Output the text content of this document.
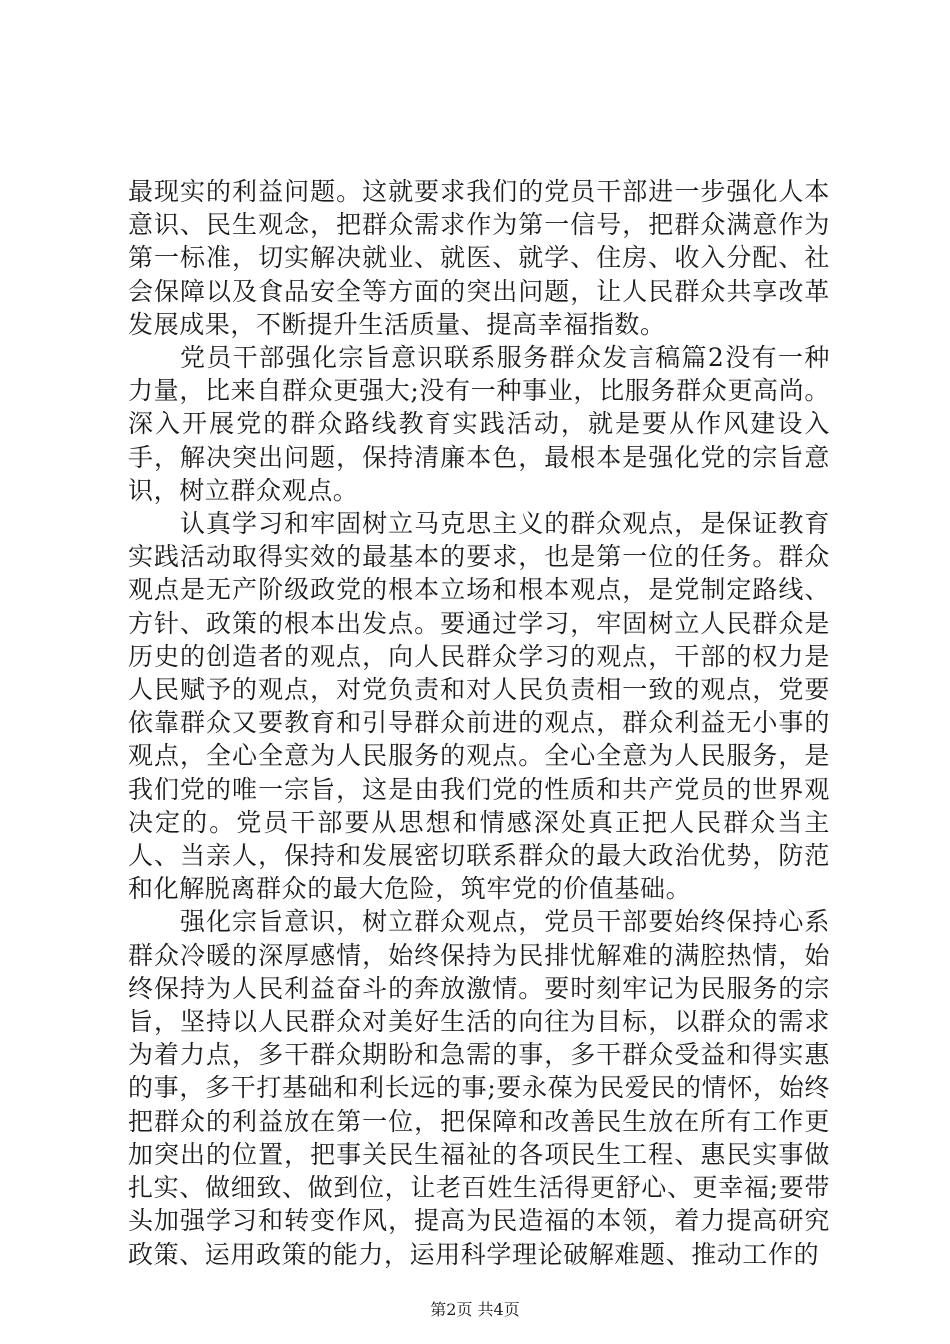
最现实的利益问题。这就要求我们的党员干部进一步强化人本意识、民生观念，把群众需求作为第一信号，把群众满意作为第一标准，切实解决就业、就医、就学、住房、收入分配、社会保障以及食品安全等方面的突出问题，让人民群众共享改革发展成果，不断提升生活质量、提高幸福指数。

党员干部强化宗旨意识联系服务群众发言稿篇2没有一种力量，比来自群众更强大;没有一种事业，比服务群众更高尚。深入开展党的群众路线教育实践活动，就是要从作风建设入手，解决突出问题，保持清廉本色，最根本是强化党的宗旨意识，树立群众观点。

认真学习和牢固树立马克思主义的群众观点，是保证教育实践活动取得实效的最基本的要求，也是第一位的任务。群众观点是无产阶级政党的根本立场和根本观点，是党制定路线、方针、政策的根本出发点。要通过学习，牢固树立人民群众是历史的创造者的观点，向人民群众学习的观点，干部的权力是人民赋予的观点，对党负责和对人民负责相一致的观点，党要依靠群众又要教育和引导群众前进的观点，群众利益无小事的观点，全心全意为人民服务的观点。全心全意为人民服务，是我们党的唯一宗旨，这是由我们党的性质和共产党员的世界观决定的。党员干部要从思想和情感深处真正把人民群众当主人、当亲人，保持和发展密切联系群众的最大政治优势，防范和化解脱离群众的最大危险，筑牢党的价值基础。

强化宗旨意识，树立群众观点，党员干部要始终保持心系群众冷暖的深厚感情，始终保持为民排忧解难的满腔热情，始终保持为人民利益奋斗的奔放激情。要时刻牢记为民服务的宗旨，坚持以人民群众对美好生活的向往为目标，以群众的需求为着力点，多干群众期盼和急需的事，多干群众受益和得实惠的事，多干打基础和利长远的事;要永葆为民爱民的情怀，始终把群众的利益放在第一位，把保障和改善民生放在所有工作更加突出的位置，把事关民生福祉的各项民生工程、惠民实事做扎实、做细致、做到位，让老百姓生活得更舒心、更幸福;要带头加强学习和转变作风，提高为民造福的本领，着力提高研究政策、运用政策的能力，运用科学理论破解难题、推动工作的

第2页 共4页
